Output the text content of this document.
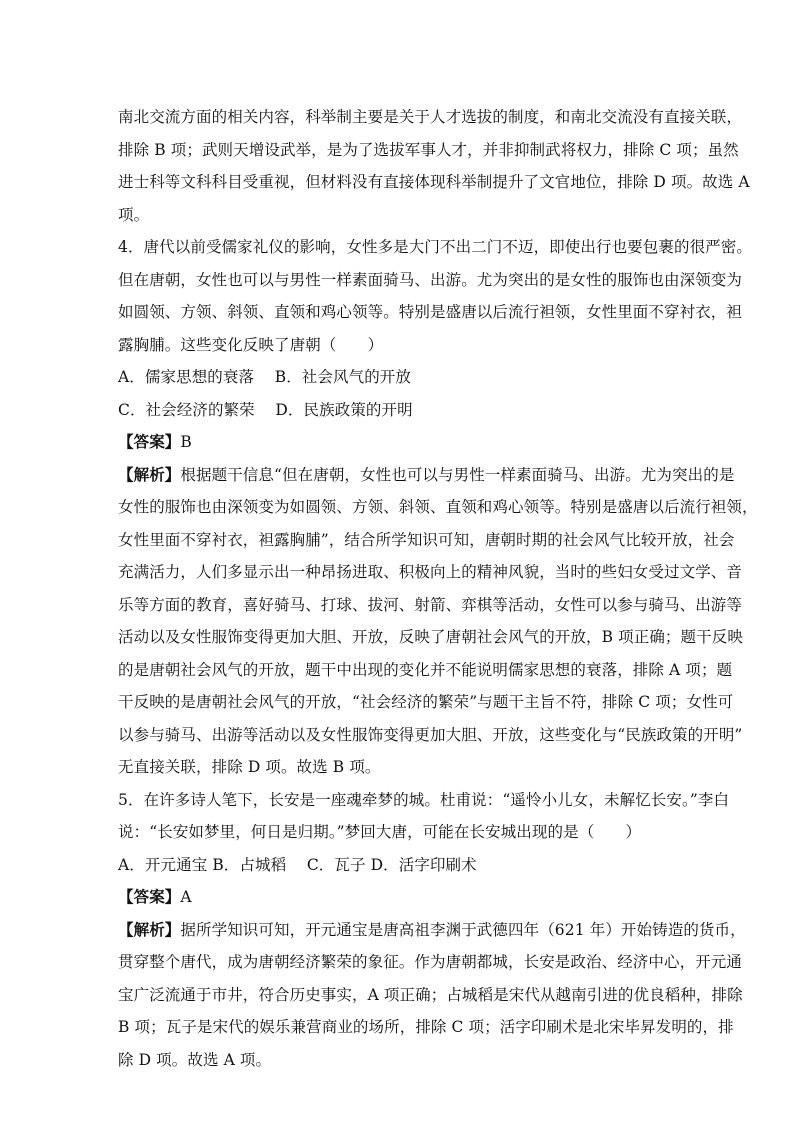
南北交流方面的相关内容，科举制主要是关于人才选拔的制度，和南北交流没有直接关联，
排除 B 项；武则天增设武举，是为了选拔军事人才，并非抑制武将权力，排除 C 项；虽然
进士科等文科科目受重视，但材料没有直接体现科举制提升了文官地位，排除 D 项。故选 A
项。
4．唐代以前受儒家礼仪的影响，女性多是大门不出二门不迈，即使出行也要包裹的很严密。
但在唐朝，女性也可以与男性一样素面骑马、出游。尤为突出的是女性的服饰也由深领变为
如圆领、方领、斜领、直领和鸡心领等。特别是盛唐以后流行袒领，女性里面不穿衬衣，袒
露胸脯。这些变化反映了唐朝（　　）
A．儒家思想的衰落　 B．社会风气的开放
C．社会经济的繁荣　 D．民族政策的开明
【答案】B
【解析】根据题干信息“但在唐朝，女性也可以与男性一样素面骑马、出游。尤为突出的是
女性的服饰也由深领变为如圆领、方领、斜领、直领和鸡心领等。特别是盛唐以后流行袒领，
女性里面不穿衬衣，袒露胸脯”，结合所学知识可知，唐朝时期的社会风气比较开放，社会
充满活力，人们多显示出一种昂扬进取、积极向上的精神风貌，当时的些妇女受过文学、音
乐等方面的教育，喜好骑马、打球、拔河、射箭、弈棋等活动，女性可以参与骑马、出游等
活动以及女性服饰变得更加大胆、开放，反映了唐朝社会风气的开放，B 项正确；题干反映
的是唐朝社会风气的开放，题干中出现的变化并不能说明儒家思想的衰落，排除 A 项；题
干反映的是唐朝社会风气的开放，“社会经济的繁荣”与题干主旨不符，排除 C 项；女性可
以参与骑马、出游等活动以及女性服饰变得更加大胆、开放，这些变化与“民族政策的开明”
无直接关联，排除 D 项。故选 B 项。
5．在许多诗人笔下，长安是一座魂牵梦的城。杜甫说：“遥怜小儿女，未解忆长安。”李白
说：“长安如梦里，何日是归期。”梦回大唐，可能在长安城出现的是（　　）
A．开元通宝 B．占城稻　 C．瓦子 D．活字印刷术
【答案】A
【解析】据所学知识可知，开元通宝是唐高祖李渊于武德四年（621 年）开始铸造的货币，
贯穿整个唐代，成为唐朝经济繁荣的象征。作为唐朝都城，长安是政治、经济中心，开元通
宝广泛流通于市井，符合历史事实，A 项正确；占城稻是宋代从越南引进的优良稻种，排除
B 项；瓦子是宋代的娱乐兼营商业的场所，排除 C 项；活字印刷术是北宋毕昇发明的，排
除 D 项。故选 A 项。
